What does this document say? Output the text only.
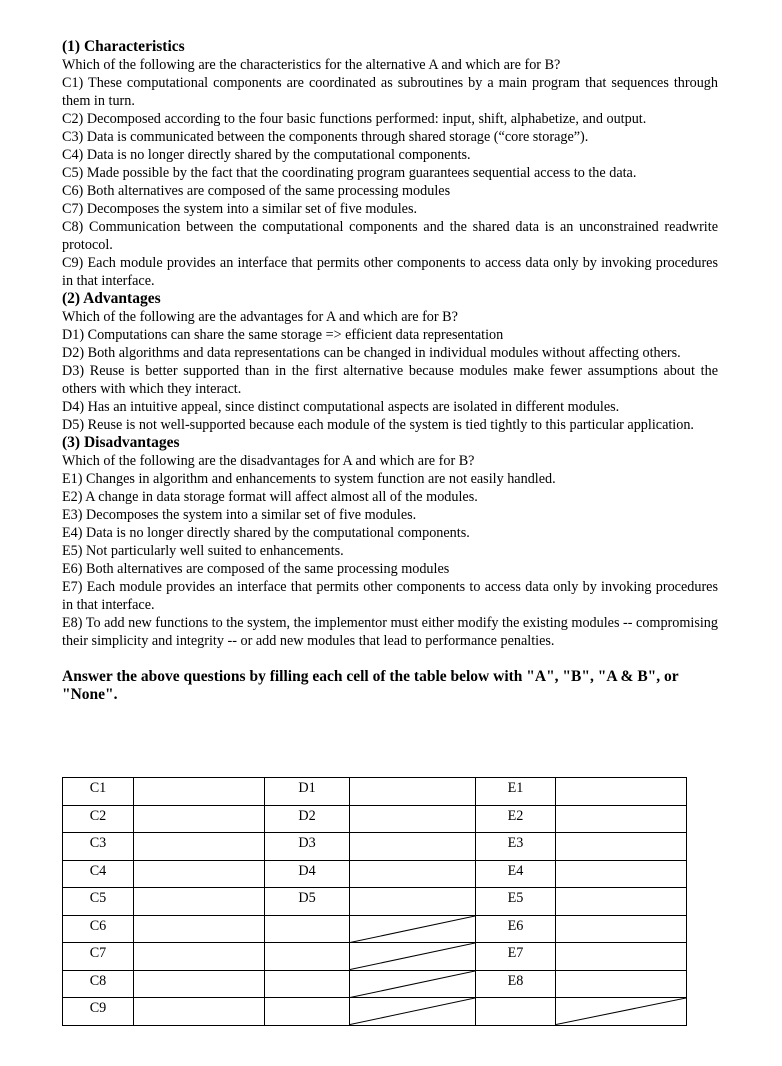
(1) Characteristics
Which of the following are the characteristics for the alternative A and which are for B?
C1) These computational components are coordinated as subroutines by a main program that sequences through them in turn.
C2) Decomposed according to the four basic functions performed: input, shift, alphabetize, and output.
C3) Data is communicated between the components through shared storage (“core storage”).
C4) Data is no longer directly shared by the computational components.
C5) Made possible by the fact that the coordinating program guarantees sequential access to the data.
C6) Both alternatives are composed of the same processing modules
C7) Decomposes the system into a similar set of five modules.
C8) Communication between the computational components and the shared data is an unconstrained readwrite protocol.
C9) Each module provides an interface that permits other components to access data only by invoking procedures in that interface.
(2) Advantages
Which of the following are the advantages for A and which are for B?
D1) Computations can share the same storage => efficient data representation
D2) Both algorithms and data representations can be changed in individual modules without affecting others.
D3) Reuse is better supported than in the first alternative because modules make fewer assumptions about the others with which they interact.
D4) Has an intuitive appeal, since distinct computational aspects are isolated in different modules.
D5) Reuse is not well-supported because each module of the system is tied tightly to this particular application.
(3) Disadvantages
Which of the following are the disadvantages for A and which are for B?
E1) Changes in algorithm and enhancements to system function are not easily handled.
E2) A change in data storage format will affect almost all of the modules.
E3) Decomposes the system into a similar set of five modules.
E4) Data is no longer directly shared by the computational components.
E5) Not particularly well suited to enhancements.
E6) Both alternatives are composed of the same processing modules
E7) Each module provides an interface that permits other components to access data only by invoking procedures in that interface.
E8) To add new functions to the system, the implementor must either modify the existing modules -- compromising their simplicity and integrity -- or add new modules that lead to performance penalties.
Answer the above questions by filling each cell of the table below with "A", "B", "A & B", or "None".
C1		D1		E1	
C2		D2		E2	
C3		D3		E3	
C4		D4		E4	
C5		D5		E5	
C6				E6	
C7				E7	
C8				E8	
C9			
